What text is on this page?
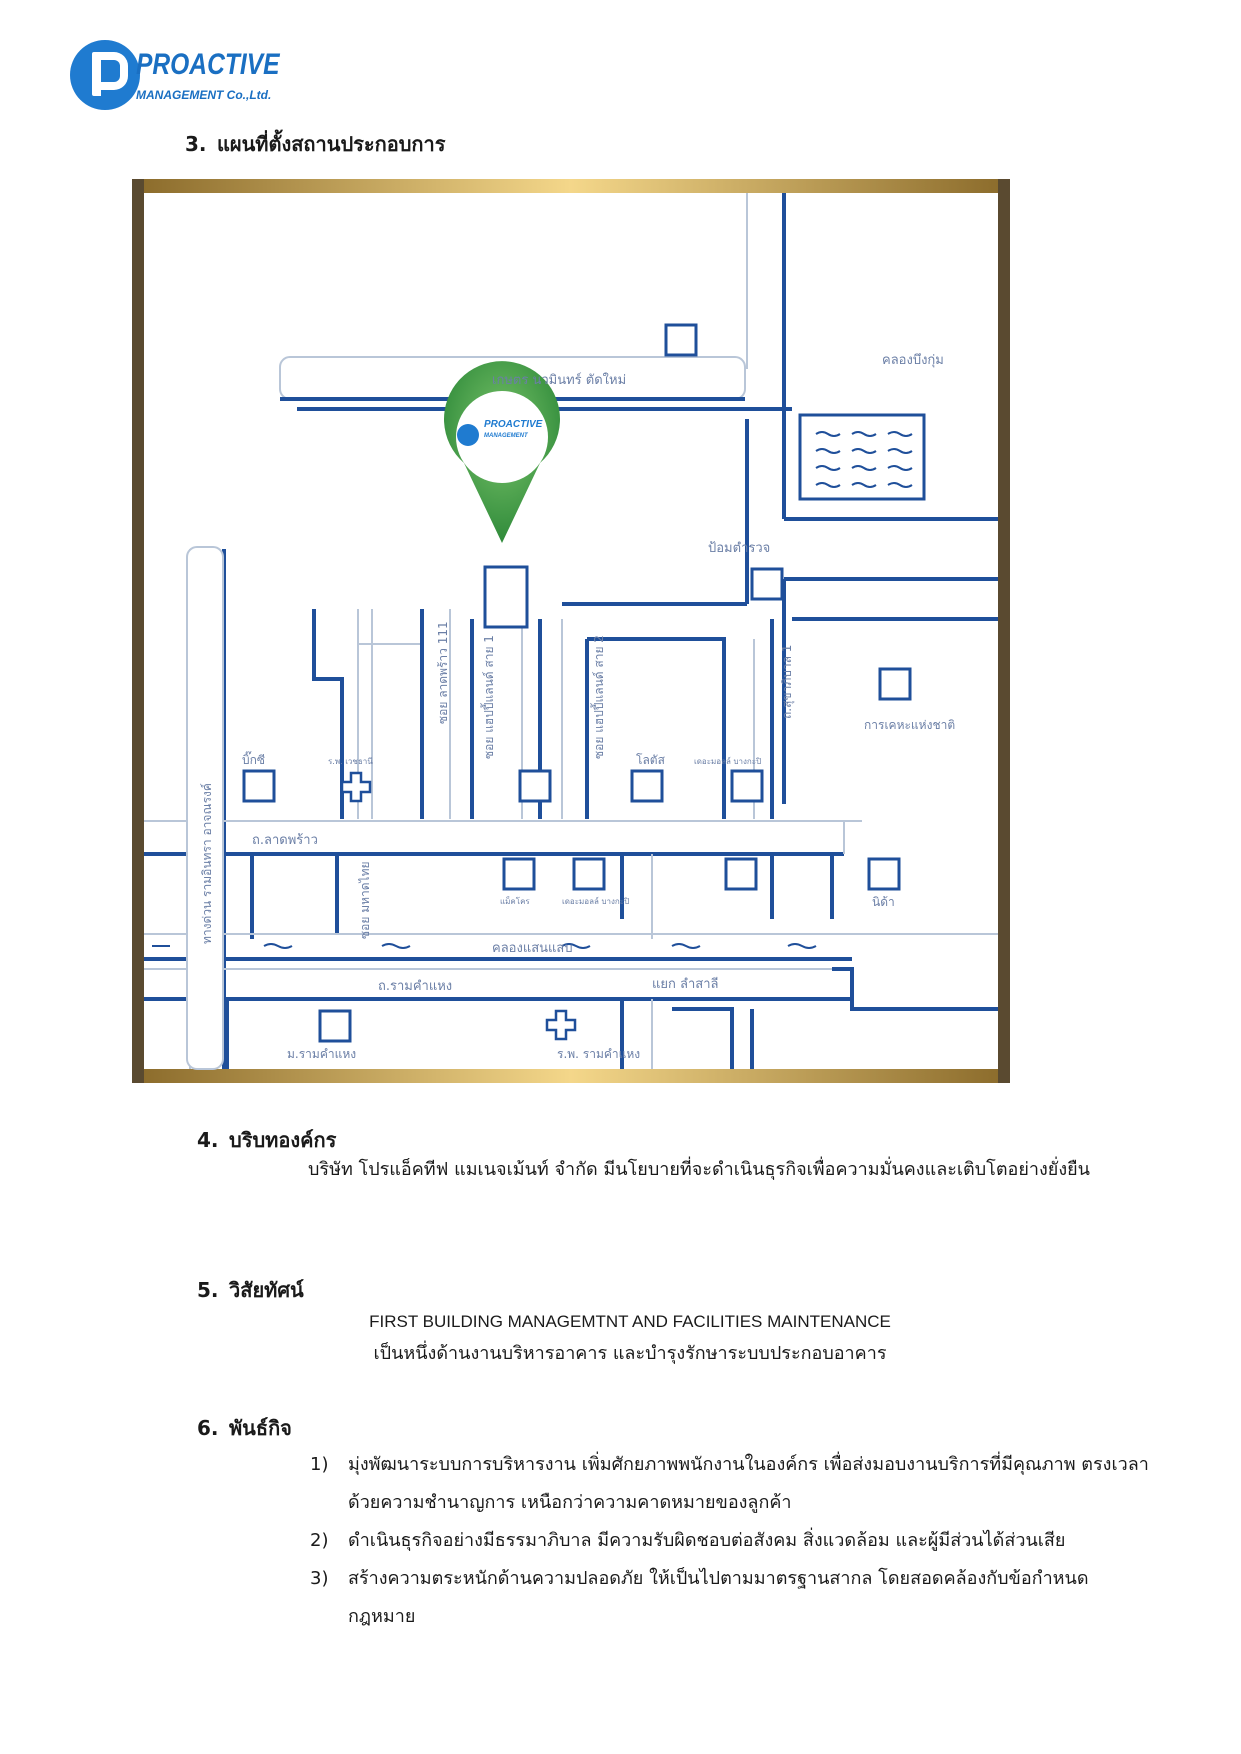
PROACTIVE
MANAGEMENT Co.,Ltd.
3. แผนที่ตั้งสถานประกอบการ
เกษตร นวมินทร์ ตัดใหม่
คลองบึงกุ่ม
ป้อมตำรวจ
PROACTIVE
MANAGEMENT
ซอย ลาดพร้าว 111	ซอย แฮปปี้แลนด์ สาย 1	ซอย แฮปปี้แลนด์ สาย 2	ถ.สุขาภิบาล 1
การเคหะแห่งชาติ
บิ๊กซี	ร.พ. เวชธานี	โลตัส	เดอะมอลล์ บางกะปิ
ทางด่วน รามอินทรา อาจณรงค์	ถ.ลาดพร้าว
ซอย มหาดไทย
คลองแสนแสบ
แม็คโคร	เดอะมอลล์ บางกะปิ	นิด้า
ถ.รามคำแหง	แยก ลำสาลี
ม.รามคำแหง	ร.พ. รามคำแหง
4. บริบทองค์กร
บริษัท โปรแอ็คทีฟ แมเนจเม้นท์ จำกัด มีนโยบายที่จะดำเนินธุรกิจเพื่อความมั่นคงและเติบโตอย่างยั่งยืน
5. วิสัยทัศน์
FIRST BUILDING MANAGEMTNT AND FACILITIES MAINTENANCE
เป็นหนึ่งด้านงานบริหารอาคาร และบำรุงรักษาระบบประกอบอาคาร
6. พันธ์กิจ
1) มุ่งพัฒนาระบบการบริหารงาน เพิ่มศักยภาพพนักงานในองค์กร เพื่อส่งมอบงานบริการที่มีคุณภาพ ตรงเวลา
ด้วยความชำนาญการ เหนือกว่าความคาดหมายของลูกค้า
2) ดำเนินธุรกิจอย่างมีธรรมาภิบาล มีความรับผิดชอบต่อสังคม สิ่งแวดล้อม และผู้มีส่วนได้ส่วนเสีย
3) สร้างความตระหนักด้านความปลอดภัย ให้เป็นไปตามมาตรฐานสากล โดยสอดคล้องกับข้อกำหนดกฎหมาย
